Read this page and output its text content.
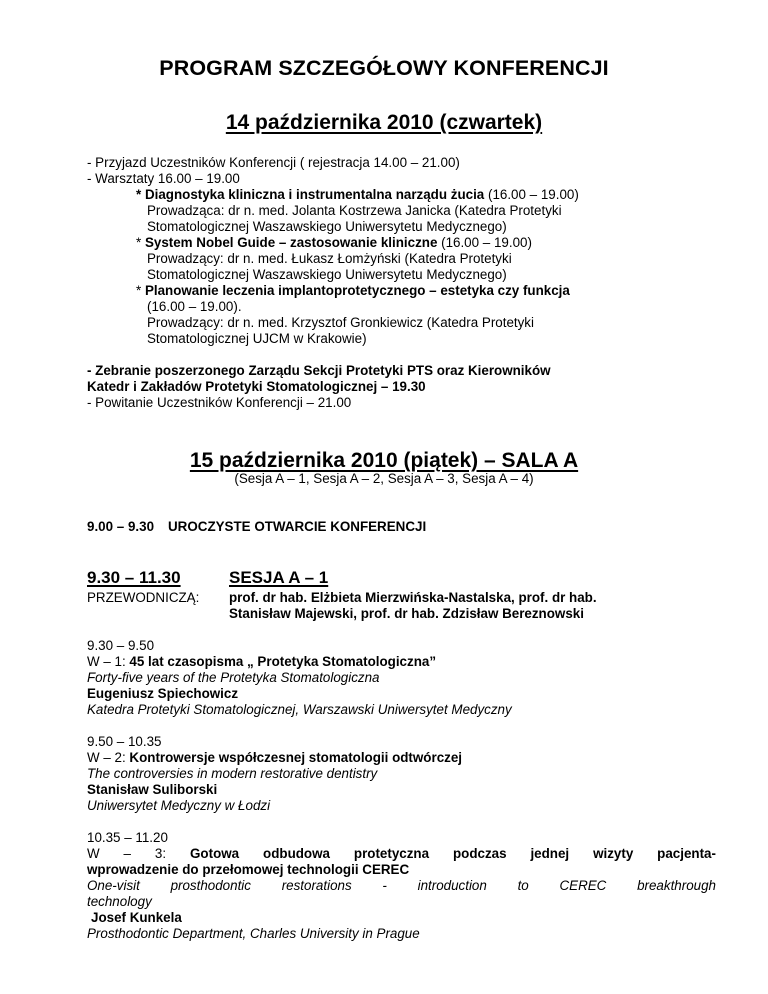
PROGRAM SZCZEGÓŁOWY KONFERENCJI
14 października 2010 (czwartek)
- Przyjazd Uczestników Konferencji ( rejestracja 14.00 – 21.00)
- Warsztaty 16.00 – 19.00
* Diagnostyka kliniczna i instrumentalna narządu żucia (16.00 – 19.00)
Prowadząca: dr n. med. Jolanta Kostrzewa Janicka (Katedra Protetyki
Stomatologicznej Waszawskiego Uniwersytetu Medycznego)
* System Nobel Guide – zastosowanie kliniczne (16.00 – 19.00)
Prowadzący: dr n. med. Łukasz Łomżyński (Katedra Protetyki
Stomatologicznej Waszawskiego Uniwersytetu Medycznego)
* Planowanie leczenia implantoprotetycznego – estetyka czy funkcja
(16.00 – 19.00).
Prowadzący: dr n. med. Krzysztof Gronkiewicz (Katedra Protetyki
Stomatologicznej UJCM w Krakowie)
- Zebranie poszerzonego Zarządu Sekcji Protetyki PTS oraz Kierowników
Katedr i Zakładów Protetyki Stomatologicznej – 19.30
- Powitanie Uczestników Konferencji – 21.00
15 października 2010 (piątek) – SALA A
(Sesja A – 1, Sesja A – 2, Sesja A – 3, Sesja A – 4)
9.00 – 9.30 UROCZYSTE OTWARCIE KONFERENCJI
9.30 – 11.30	SESJA A – 1
PRZEWODNICZĄ: prof. dr hab. Elżbieta Mierzwińska-Nastalska, prof. dr hab.
Stanisław Majewski, prof. dr hab. Zdzisław Bereznowski
9.30 – 9.50
W – 1: 45 lat czasopisma „ Protetyka Stomatologiczna”
Forty-five years of the Protetyka Stomatologiczna
Eugeniusz Spiechowicz
Katedra Protetyki Stomatologicznej, Warszawski Uniwersytet Medyczny
9.50 – 10.35
W – 2: Kontrowersje współczesnej stomatologii odtwórczej
The controversies in modern restorative dentistry
Stanisław Suliborski
Uniwersytet Medyczny w Łodzi
10.35 – 11.20
W – 3: Gotowa odbudowa protetyczna podczas jednej wizyty pacjenta-
wprowadzenie do przełomowej technologii CEREC
One-visit prosthodontic restorations - introduction to CEREC breakthrough
technology
Josef Kunkela
Prosthodontic Department, Charles University in Prague
